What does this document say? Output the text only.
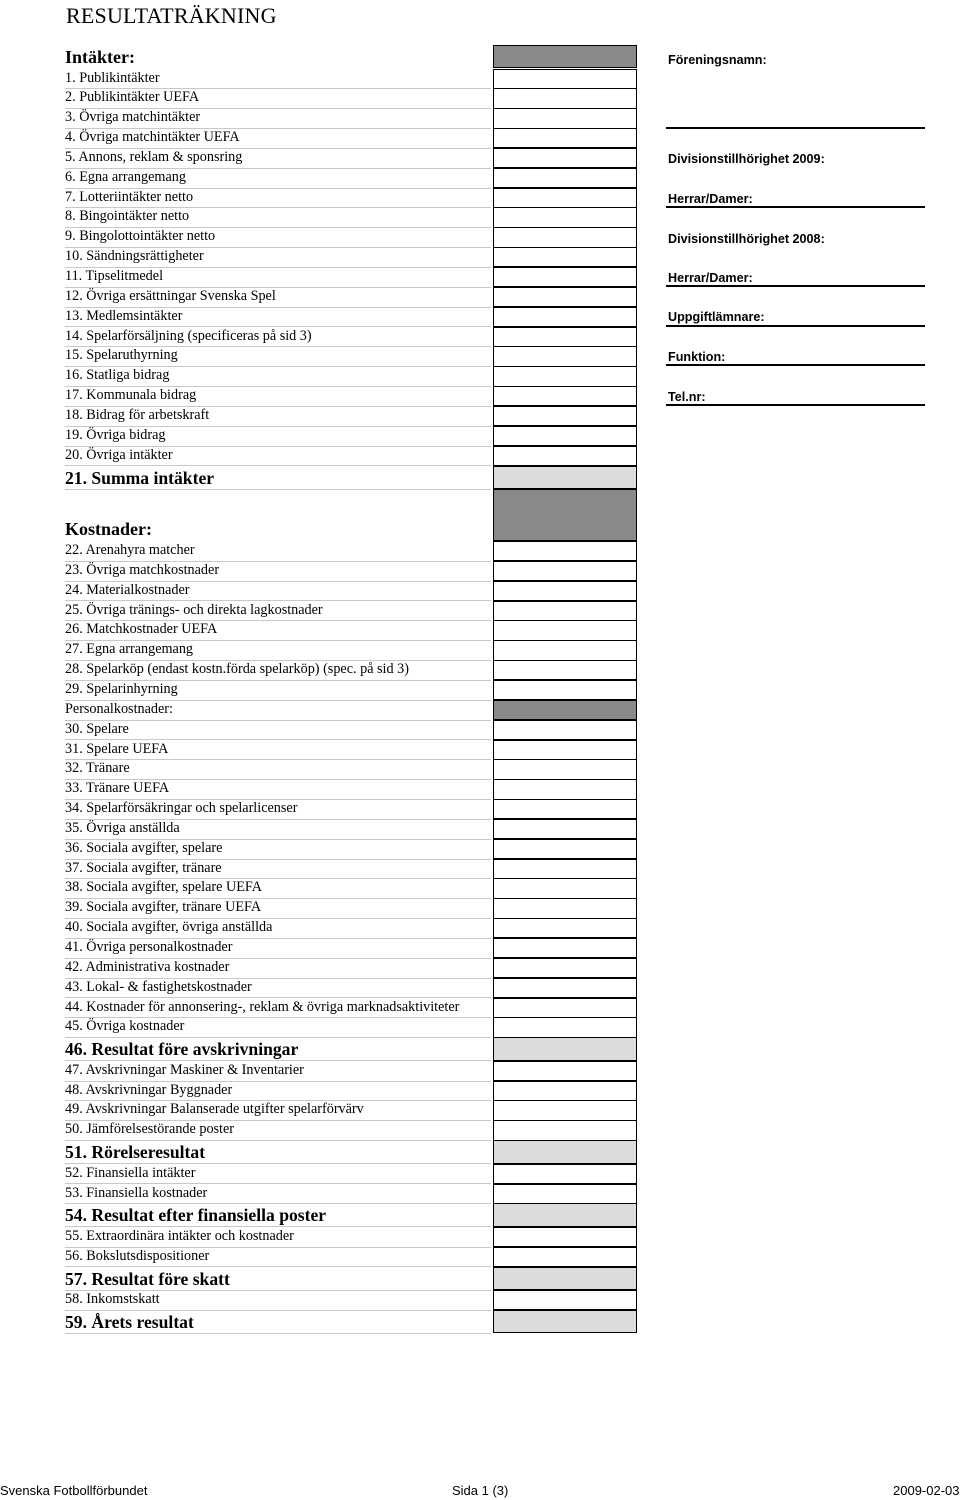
RESULTATRÄKNING
Intäkter:	Föreningsnamn:
Divisionstillhörighet 2009:
Herrar/Damer:
Divisionstillhörighet 2008:
Herrar/Damer:
Uppgiftlämnare:
Funktion:
Tel.nr:
Kostnader:
Svenska Fotbollförbundet	Sida 1 (3)	2009-02-03
1. Publikintäkter
2. Publikintäkter UEFA
3. Övriga matchintäkter
4. Övriga matchintäkter UEFA
5. Annons, reklam & sponsring
6. Egna arrangemang
7. Lotteriintäkter netto
8. Bingointäkter netto
9. Bingolottointäkter netto
10. Sändningsrättigheter
11. Tipselitmedel
12. Övriga ersättningar Svenska Spel
13. Medlemsintäkter
14. Spelarförsäljning (specificeras på sid 3)
15. Spelaruthyrning
16. Statliga bidrag
17. Kommunala bidrag
18. Bidrag för arbetskraft
19. Övriga bidrag
20. Övriga intäkter
21. Summa intäkter
22. Arenahyra matcher
23. Övriga matchkostnader
24. Materialkostnader
25. Övriga tränings- och direkta lagkostnader
26. Matchkostnader UEFA
27. Egna arrangemang
28. Spelarköp (endast kostn.förda spelarköp) (spec. på sid 3)
29. Spelarinhyrning
Personalkostnader:
30. Spelare
31. Spelare UEFA
32. Tränare
33. Tränare UEFA
34. Spelarförsäkringar och spelarlicenser
35. Övriga anställda
36. Sociala avgifter, spelare
37. Sociala avgifter, tränare
38. Sociala avgifter, spelare UEFA
39. Sociala avgifter, tränare UEFA
40. Sociala avgifter, övriga anställda
41. Övriga personalkostnader
42. Administrativa kostnader
43. Lokal- & fastighetskostnader
44. Kostnader för annonsering-, reklam & övriga marknadsaktiviteter
45. Övriga kostnader
46. Resultat före avskrivningar
47. Avskrivningar Maskiner & Inventarier
48. Avskrivningar Byggnader
49. Avskrivningar Balanserade utgifter spelarförvärv
50. Jämförelsestörande poster
51. Rörelseresultat
52. Finansiella intäkter
53. Finansiella kostnader
54. Resultat efter finansiella poster
55. Extraordinära intäkter och kostnader
56. Bokslutsdispositioner
57. Resultat före skatt
58. Inkomstskatt
59. Årets resultat
